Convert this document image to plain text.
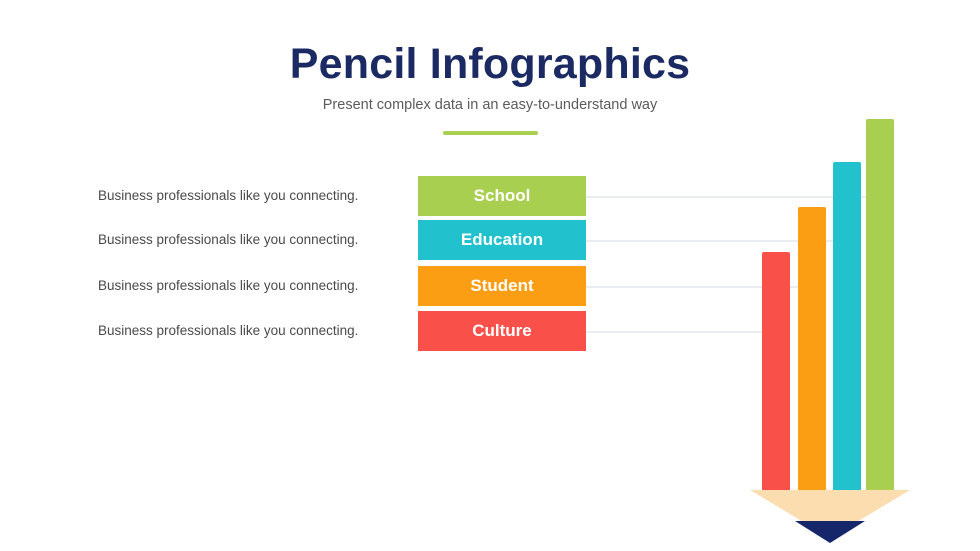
Pencil Infographics
Present complex data in an easy-to-understand way
Business professionals like you connecting.
Business professionals like you connecting.
Business professionals like you connecting.
Business professionals like you connecting.
School
Education
Student
Culture
